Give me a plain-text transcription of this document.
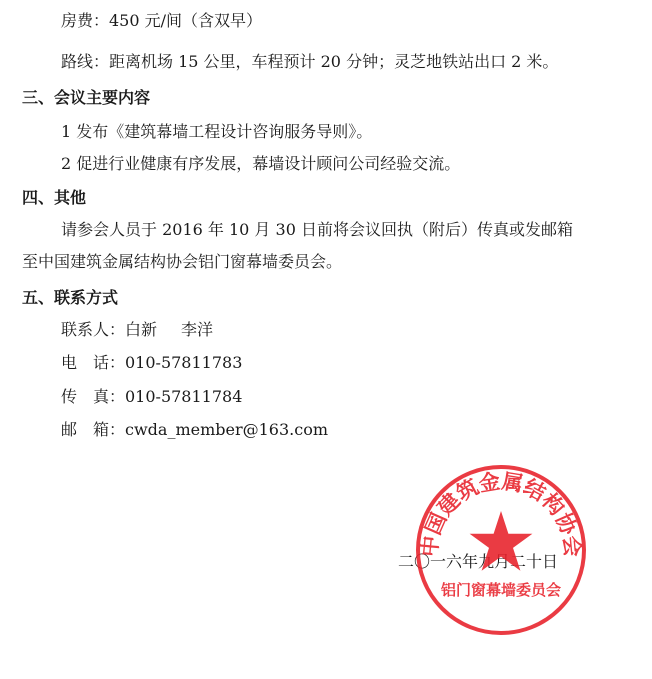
房费：450 元/间（含双早）
路线：距离机场 15 公里，车程预计 20 分钟；灵芝地铁站出口 2 米。
三、会议主要内容
1 发布《建筑幕墙工程设计咨询服务导则》。
2 促进行业健康有序发展，幕墙设计顾问公司经验交流。
四、其他
请参会人员于 2016 年 10 月 30 日前将会议回执（附后）传真或发邮箱
至中国建筑金属结构协会铝门窗幕墙委员会。
五、联系方式
联系人：白新 李洋
电　话：010-57811783
传　真：010-57811784
邮　箱：cwda_member@163.com
二〇一六年九月二十日
中国建筑金属结构协会
铝门窗幕墙委员会
